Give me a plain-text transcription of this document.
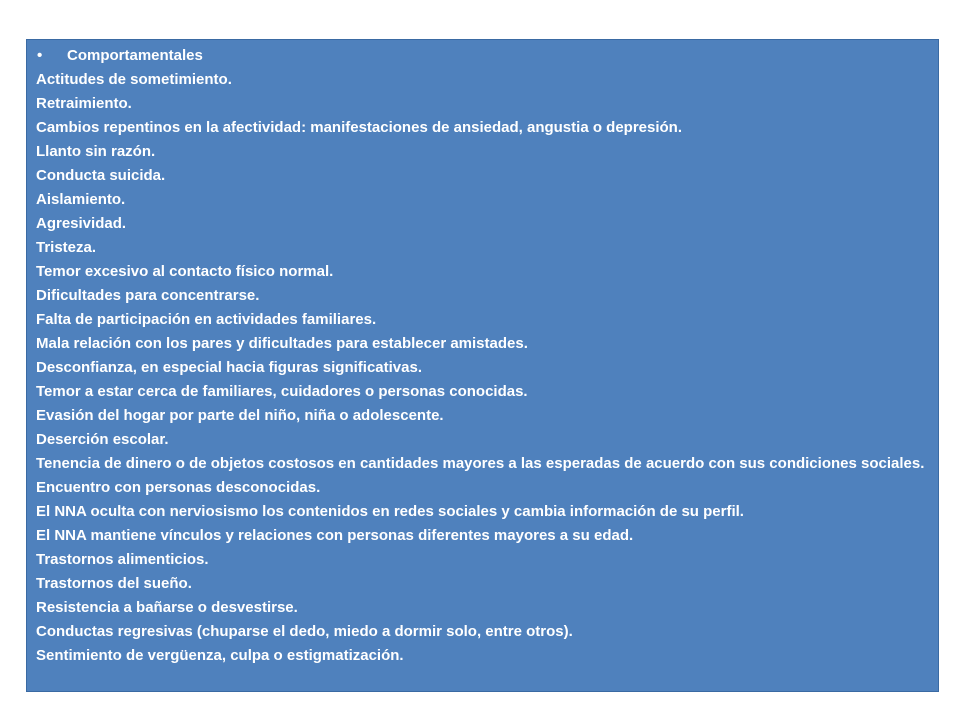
•	Comportamentales
Actitudes de sometimiento.
Retraimiento.
Cambios repentinos en la afectividad: manifestaciones de ansiedad, angustia o depresión.
Llanto sin razón.
Conducta suicida.
Aislamiento.
Agresividad.
Tristeza.
Temor excesivo al contacto físico normal.
Dificultades para concentrarse.
Falta de participación en actividades familiares.
Mala relación con los pares y dificultades para establecer amistades.
Desconfianza, en especial hacia figuras significativas.
Temor a estar cerca de familiares, cuidadores o personas conocidas.
Evasión del hogar por parte del niño, niña o adolescente.
Deserción escolar.
Tenencia de dinero o de objetos costosos en cantidades mayores a las esperadas de acuerdo con sus condiciones sociales.
Encuentro con personas desconocidas.
El NNA oculta con nerviosismo los contenidos en redes sociales y cambia información de su perfil.
El NNA mantiene vínculos y relaciones con personas diferentes mayores a su edad.
Trastornos alimenticios.
Trastornos del sueño.
Resistencia a bañarse o desvestirse.
Conductas regresivas (chuparse el dedo, miedo a dormir solo, entre otros).
Sentimiento de vergüenza, culpa o estigmatización.
